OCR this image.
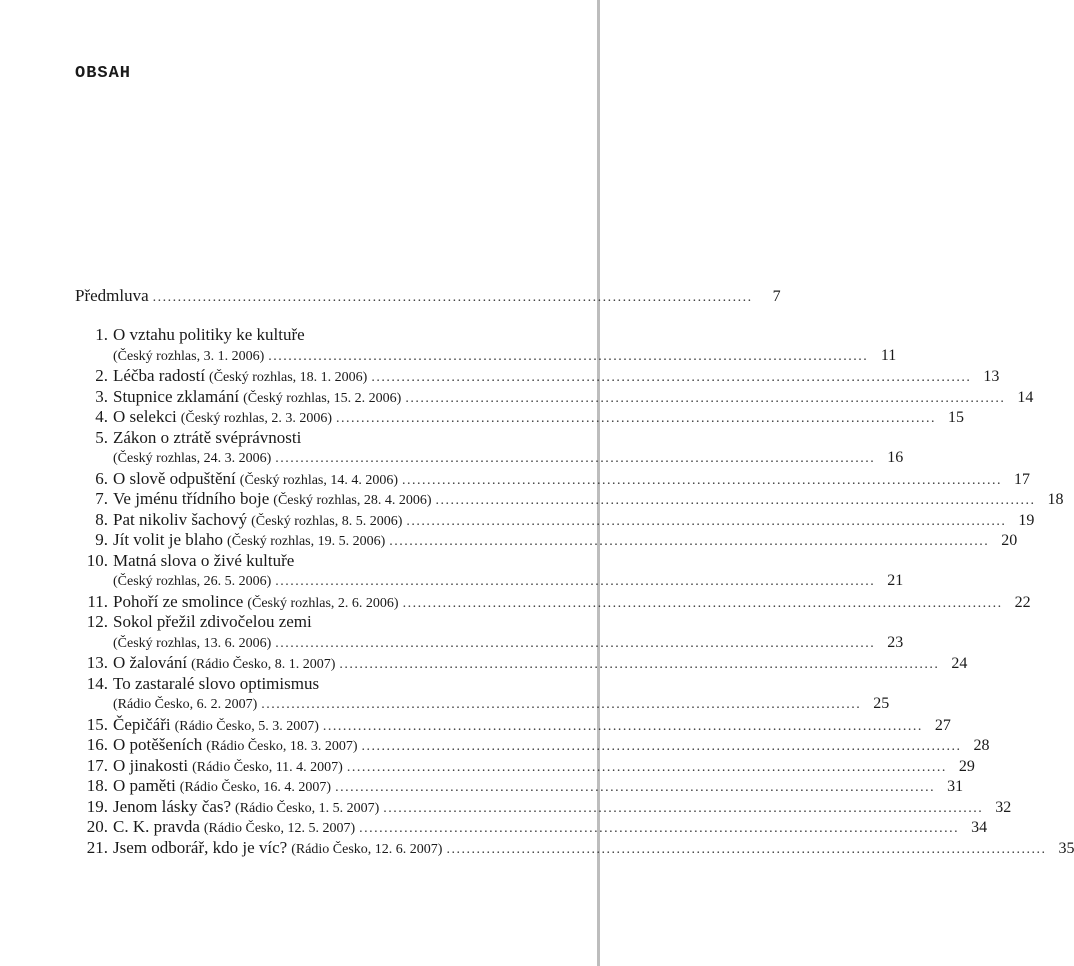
OBSAH
Předmluva ........................................................................................................................	7
1. O vztahu politiky ke kultuře
(Český rozhlas, 3. 1. 2006) ........................................................................................................................ 11
2. Léčba radostí (Český rozhlas, 18. 1. 2006) ........................................................................................................................ 13
3. Stupnice zklamání (Český rozhlas, 15. 2. 2006) ........................................................................................................................ 14
4. O selekci (Český rozhlas, 2. 3. 2006) ........................................................................................................................ 15
5. Zákon o ztrátě svéprávnosti
(Český rozhlas, 24. 3. 2006) ........................................................................................................................ 16
6. O slově odpuštění (Český rozhlas, 14. 4. 2006) ........................................................................................................................ 17
7. Ve jménu třídního boje (Český rozhlas, 28. 4. 2006) ........................................................................................................................ 18
8. Pat nikoliv šachový (Český rozhlas, 8. 5. 2006) ........................................................................................................................ 19
9. Jít volit je blaho (Český rozhlas, 19. 5. 2006) ........................................................................................................................ 20
10. Matná slova o živé kultuře
(Český rozhlas, 26. 5. 2006) ........................................................................................................................ 21
11. Pohoří ze smolince (Český rozhlas, 2. 6. 2006) ........................................................................................................................ 22
12. Sokol přežil zdivočelou zemi
(Český rozhlas, 13. 6. 2006) ........................................................................................................................ 23
13. O žalování (Rádio Česko, 8. 1. 2007) ........................................................................................................................ 24
14. To zastaralé slovo optimismus
(Rádio Česko, 6. 2. 2007) ........................................................................................................................ 25
15. Čepičáři (Rádio Česko, 5. 3. 2007) ........................................................................................................................ 27
16. O potěšeních (Rádio Česko, 18. 3. 2007) ........................................................................................................................ 28
17. O jinakosti (Rádio Česko, 11. 4. 2007) ........................................................................................................................ 29
18. O paměti (Rádio Česko, 16. 4. 2007) ........................................................................................................................ 31
19. Jenom lásky čas? (Rádio Česko, 1. 5. 2007) ........................................................................................................................ 32
20. C. K. pravda (Rádio Česko, 12. 5. 2007) ........................................................................................................................ 34
21. Jsem odborář, kdo je víc? (Rádio Česko, 12. 6. 2007) ........................................................................................................................ 35
